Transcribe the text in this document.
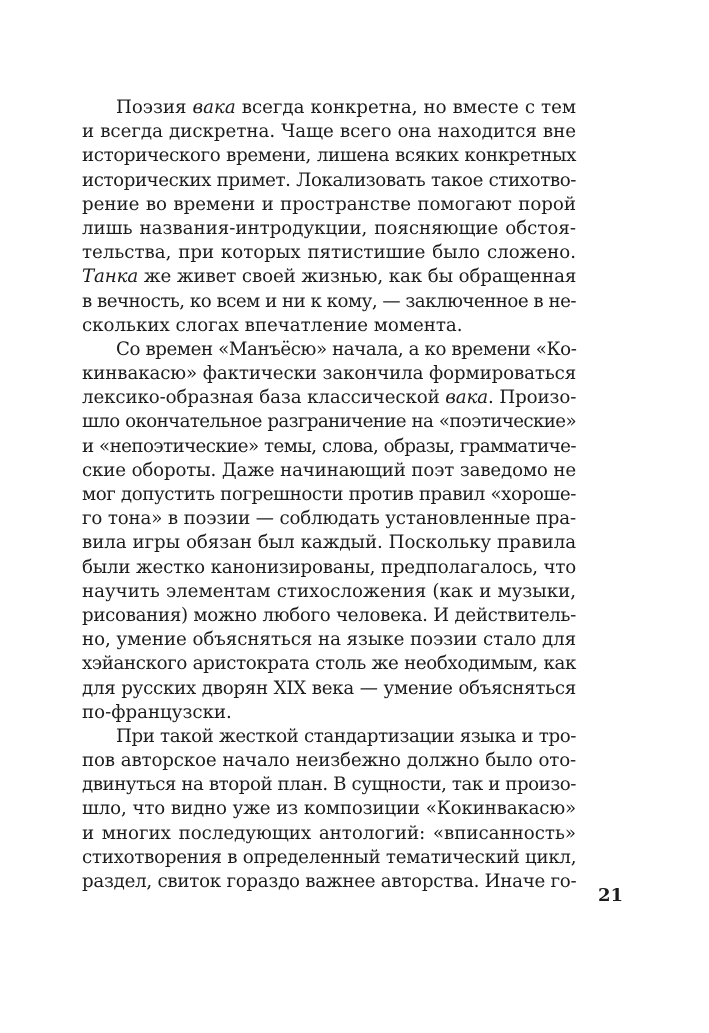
Поэзия вака всегда конкретна, но вместе с тем
и всегда дискретна. Чаще всего она находится вне
исторического времени, лишена всяких конкретных
исторических примет. Локализовать такое стихотво-
рение во времени и пространстве помогают порой
лишь названия-интродукции, поясняющие обстоя-
тельства, при которых пятистишие было сложено.
Танка же живет своей жизнью, как бы обращенная
в вечность, ко всем и ни к кому, — заключенное в не-
скольких слогах впечатление момента.
Со времен «Манъёсю» начала, а ко времени «Ко-
кинвакасю» фактически закончила формироваться
лексико-образная база классической вака. Произо-
шло окончательное разграничение на «поэтические»
и «непоэтические» темы, слова, образы, грамматиче-
ские обороты. Даже начинающий поэт заведомо не
мог допустить погрешности против правил «хороше-
го тона» в поэзии — соблюдать установленные пра-
вила игры обязан был каждый. Поскольку правила
были жестко канонизированы, предполагалось, что
научить элементам стихосложения (как и музыки,
рисования) можно любого человека. И действитель-
но, умение объясняться на языке поэзии стало для
хэйанского аристократа столь же необходимым, как
для русских дворян XIX века — умение объясняться
по-французски.
При такой жесткой стандартизации языка и тро-
пов авторское начало неизбежно должно было ото-
двинуться на второй план. В сущности, так и произо-
шло, что видно уже из композиции «Кокинвакасю»
и многих последующих антологий: «вписанность»
стихотворения в определенный тематический цикл,
раздел, свиток гораздо важнее авторства. Иначе го-
21
